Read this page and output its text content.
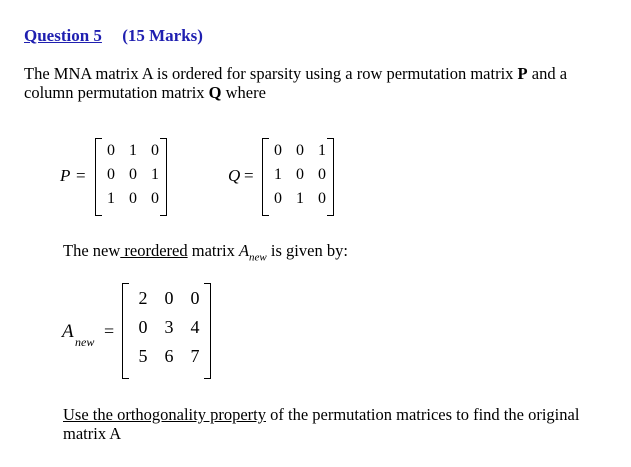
Question 5 (15 Marks)
The MNA matrix A is ordered for sparsity using a row permutation matrix P and a column permutation matrix Q where
P =
0 1 0
0 0 1
1 0 0
Q =
0 0 1
1 0 0
0 1 0
The new reordered matrix $A_{new}$ is given by:
A new
=
2 0 0
0 3 4
5 6 7
Use the orthogonality property of the permutation matrices to find the original matrix A
